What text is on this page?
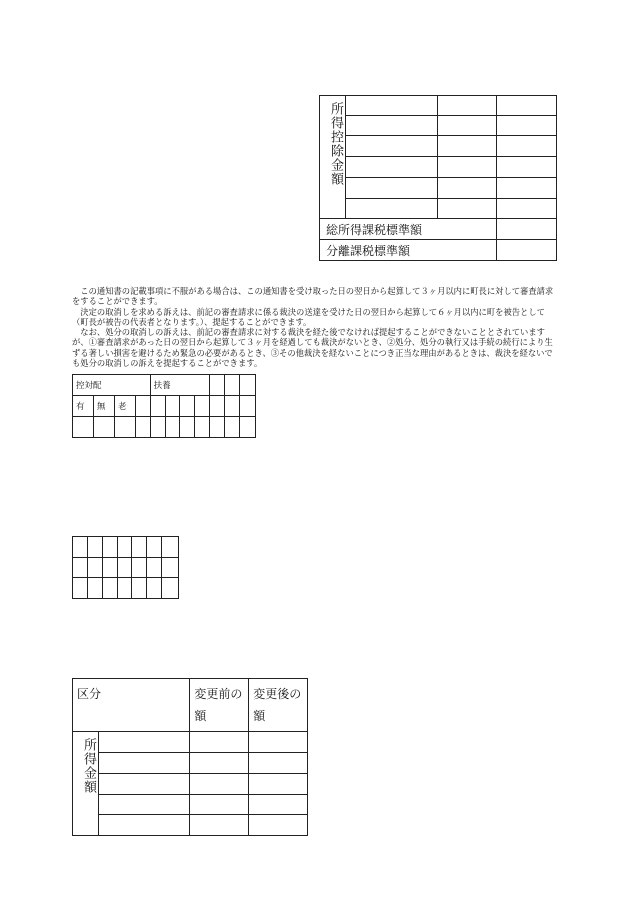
所得控除金額			

総所得課税標準額			
分離課税標準額			

この通知書の記載事項に不服がある場合は、この通知書を受け取った日の翌日から起算して３ヶ月以内に町長に対して審査請求をすることができます。

決定の取消しを求める訴えは、前記の審査請求に係る裁決の送達を受けた日の翌日から起算して６ヶ月以内に町を被告として（町長が被告の代表者となります。）、提起することができます。

なお、処分の取消しの訴えは、前記の審査請求に対する裁決を経た後でなければ提起することができないこととされていますが、①審査請求があった日の翌日から起算して３ヶ月を経過しても裁決がないとき、②処分、処分の執行又は手続の続行により生ずる著しい損害を避けるため緊急の必要があるとき、③その他裁決を経ないことにつき正当な理由があるときは、裁決を経ないでも処分の取消しの訴えを提起することができます。

控対配				扶養						
有	無	老								

区分		変更前の額	変更後の額
所得金額			
